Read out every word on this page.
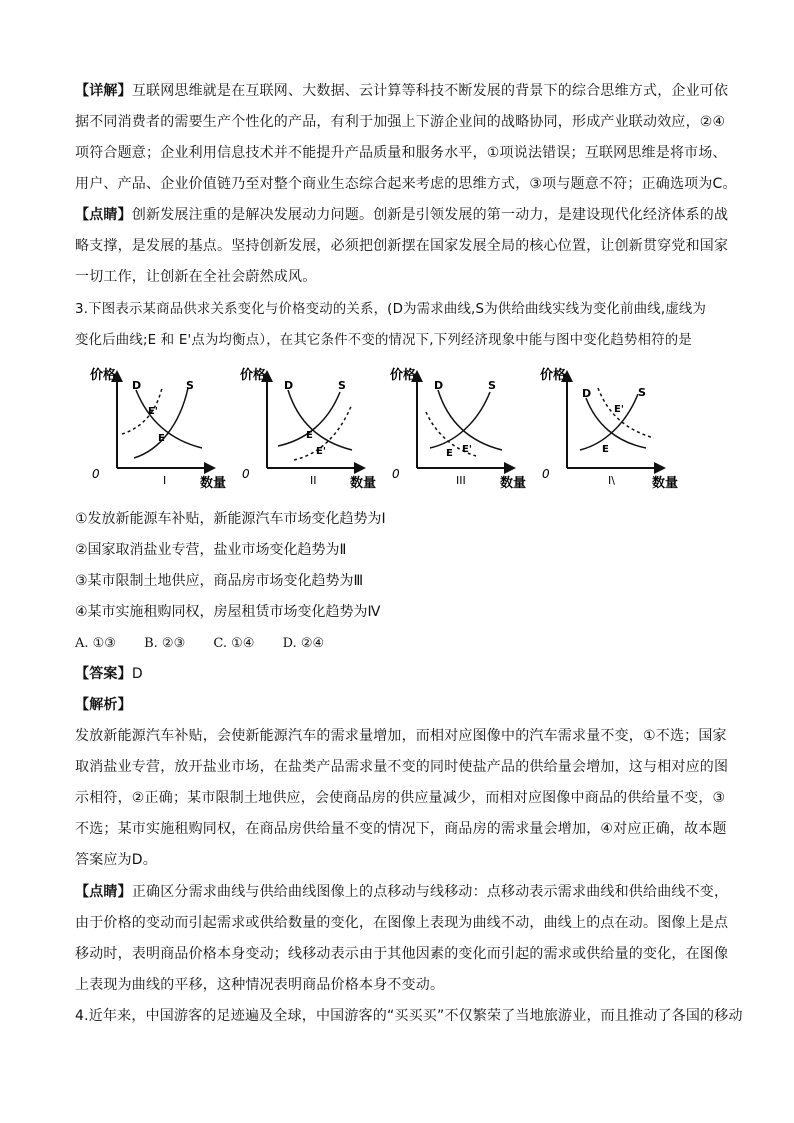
【详解】互联网思维就是在互联网、大数据、云计算等科技不断发展的背景下的综合思维方式，企业可依
据不同消费者的需要生产个性化的产品，有利于加强上下游企业间的战略协同，形成产业联动效应，②④
项符合题意；企业利用信息技术并不能提升产品质量和服务水平，①项说法错误；互联网思维是将市场、
用户、产品、企业价值链乃至对整个商业生态综合起来考虑的思维方式，③项与题意不符；正确选项为C。
【点睛】创新发展注重的是解决发展动力问题。创新是引领发展的第一动力，是建设现代化经济体系的战
略支撑，是发展的基点。坚持创新发展，必须把创新摆在国家发展全局的核心位置，让创新贯穿党和国家
一切工作，让创新在全社会蔚然成风。
3.下图表示某商品供求关系变化与价格变动的关系，(D为需求曲线,S为供给曲线实线为变化前曲线,虚线为
变化后曲线;E 和 E'点为均衡点），在其它条件不变的情况下,下列经济现象中能与图中变化趋势相符的是
价格
0
D	S
E'
E
I	数量
价格
0
D	S
E
E'
II	数量
价格
0
D	S
E E'
III	数量
价格
0
D	S
E'
E
I\	数量
①发放新能源车补贴，新能源汽车市场变化趋势为Ⅰ
②国家取消盐业专营，盐业市场变化趋势为Ⅱ
③某市限制土地供应，商品房市场变化趋势为Ⅲ
④某市实施租购同权，房屋租赁市场变化趋势为Ⅳ
A. ①③ B. ②③ C. ①④ D. ②④
【答案】D
【解析】
发放新能源汽车补贴，会使新能源汽车的需求量增加，而相对应图像中的汽车需求量不变，①不选；国家
取消盐业专营，放开盐业市场，在盐类产品需求量不变的同时使盐产品的供给量会增加，这与相对应的图
示相符，②正确；某市限制土地供应，会使商品房的供应量减少，而相对应图像中商品的供给量不变，③
不选；某市实施租购同权，在商品房供给量不变的情况下，商品房的需求量会增加，④对应正确，故本题
答案应为D。
【点睛】正确区分需求曲线与供给曲线图像上的点移动与线移动：点移动表示需求曲线和供给曲线不变，
由于价格的变动而引起需求或供给数量的变化，在图像上表现为曲线不动，曲线上的点在动。图像上是点
移动时，表明商品价格本身变动；线移动表示由于其他因素的变化而引起的需求或供给量的变化，在图像
上表现为曲线的平移，这种情况表明商品价格本身不变动。
4.近年来，中国游客的足迹遍及全球，中国游客的“买买买”不仅繁荣了当地旅游业，而且推动了各国的移动
